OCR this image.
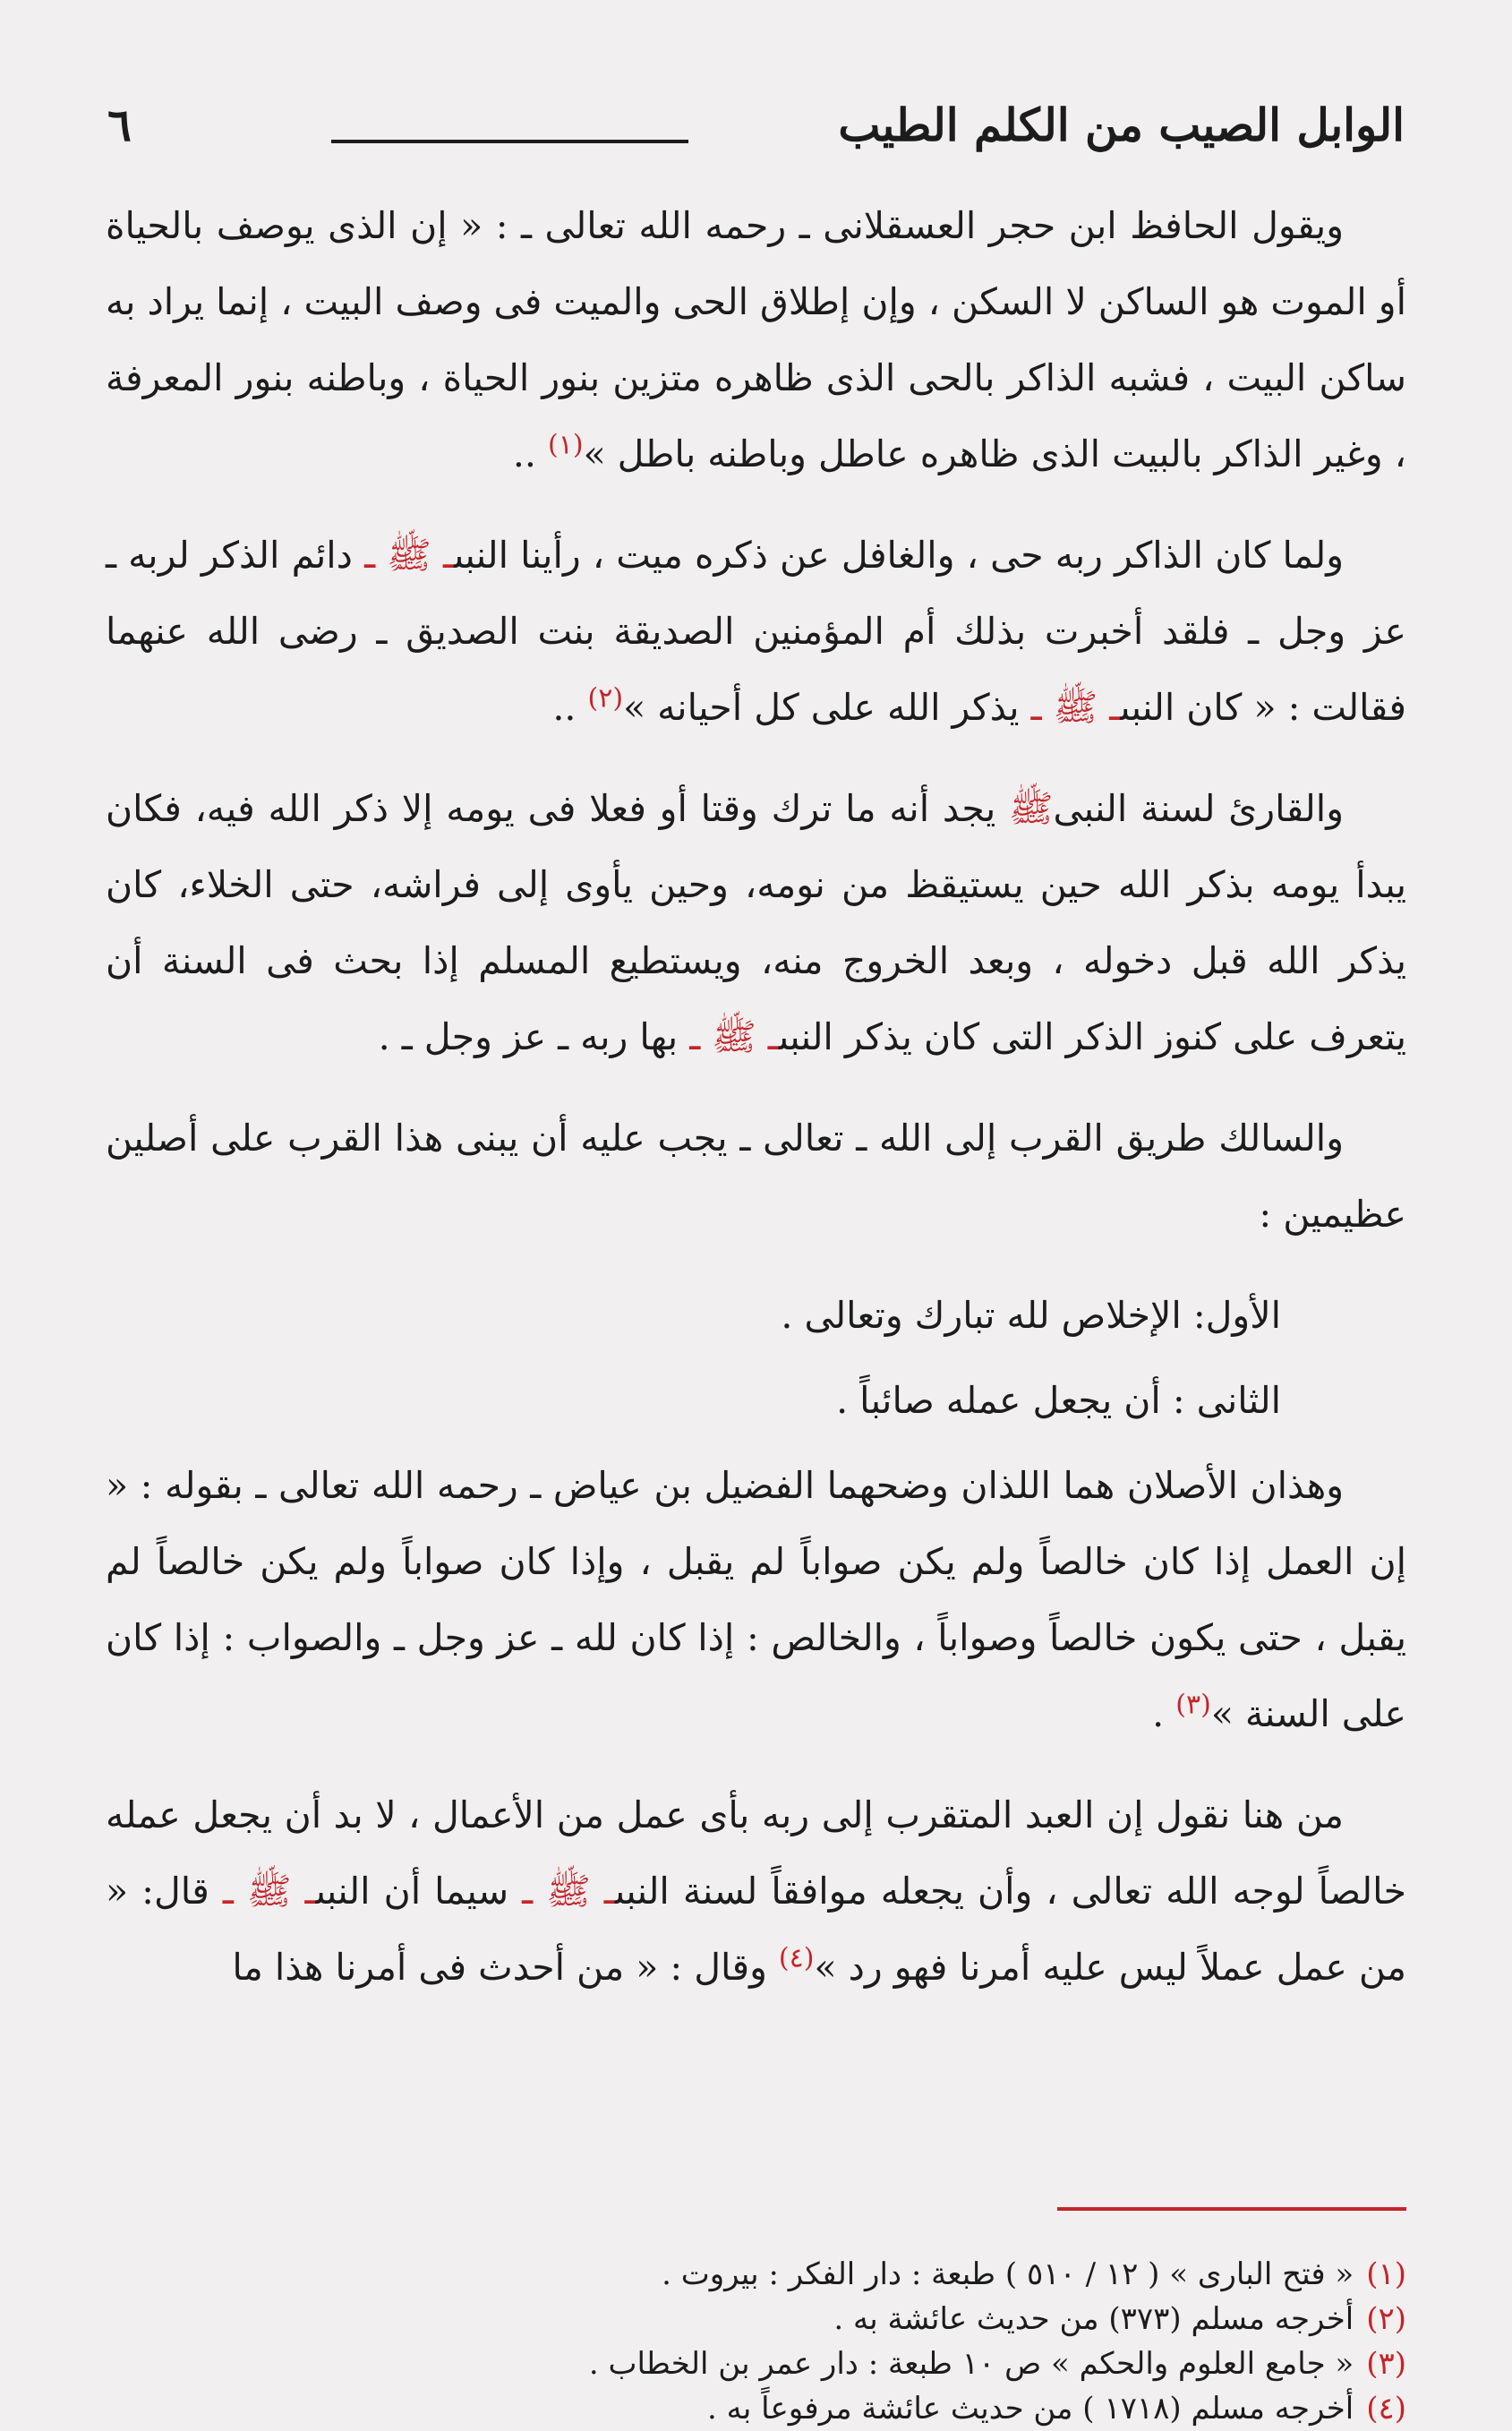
الوابل الصيب من الكلم الطيب
٦

ويقول الحافظ ابن حجر العسقلانى ـ رحمه الله تعالى ـ : « إن الذى يوصف بالحياة أو الموت هو الساكن لا السكن ، وإن إطلاق الحى والميت فى وصف البيت ، إنما يراد به ساكن البيت ، فشبه الذاكر بالحى الذى ظاهره متزين بنور الحياة ، وباطنه بنور المعرفة ، وغير الذاكر بالبيت الذى ظاهره عاطل وباطنه باطل »$^{(١)}$ ..

ولما كان الذاكر ربه حى ، والغافل عن ذكره ميت ، رأينا النبىـ ﷺ ـ دائم الذكر لربه ـ عز وجل ـ فلقد أخبرت بذلك أم المؤمنين الصديقة بنت الصديق ـ رضى الله عنهما فقالت : « كان النبىـ ﷺ ـ يذكر الله على كل أحيانه »$^{(٢)}$ ..

والقارئ لسنة النبىﷺ يجد أنه ما ترك وقتا أو فعلا فى يومه إلا ذكر الله فيه، فكان يبدأ يومه بذكر الله حين يستيقظ من نومه، وحين يأوى إلى فراشه، حتى الخلاء، كان يذكر الله قبل دخوله ، وبعد الخروج منه، ويستطيع المسلم إذا بحث فى السنة أن يتعرف على كنوز الذكر التى كان يذكر النبىـ ﷺ ـ بها ربه ـ عز وجل ـ .

والسالك طريق القرب إلى الله ـ تعالى ـ يجب عليه أن يبنى هذا القرب على أصلين عظيمين :

الأول: الإخلاص لله تبارك وتعالى .

الثانى : أن يجعل عمله صائباً .

وهذان الأصلان هما اللذان وضحهما الفضيل بن عياض ـ رحمه الله تعالى ـ بقوله : « إن العمل إذا كان خالصاً ولم يكن صواباً لم يقبل ، وإذا كان صواباً ولم يكن خالصاً لم يقبل ، حتى يكون خالصاً وصواباً ، والخالص : إذا كان لله ـ عز وجل ـ والصواب : إذا كان على السنة »$^{(٣)}$ .

من هنا نقول إن العبد المتقرب إلى ربه بأى عمل من الأعمال ، لا بد أن يجعل عمله خالصاً لوجه الله تعالى ، وأن يجعله موافقاً لسنة النبىـ ﷺ ـ سيما أن النبىـ ﷺ ـ قال: « من عمل عملاً ليس عليه أمرنا فهو رد »$^{(٤)}$ وقال : « من أحدث فى أمرنا هذا ما

(١)« فتح البارى » ( ١٢ / ٥١٠ ) طبعة : دار الفكر : بيروت .
(٢)أخرجه مسلم (٣٧٣) من حديث عائشة به .
(٣)« جامع العلوم والحكم » ص ١٠ طبعة : دار عمر بن الخطاب .
(٤)أخرجه مسلم (١٧١٨ ) من حديث عائشة مرفوعاً به .
